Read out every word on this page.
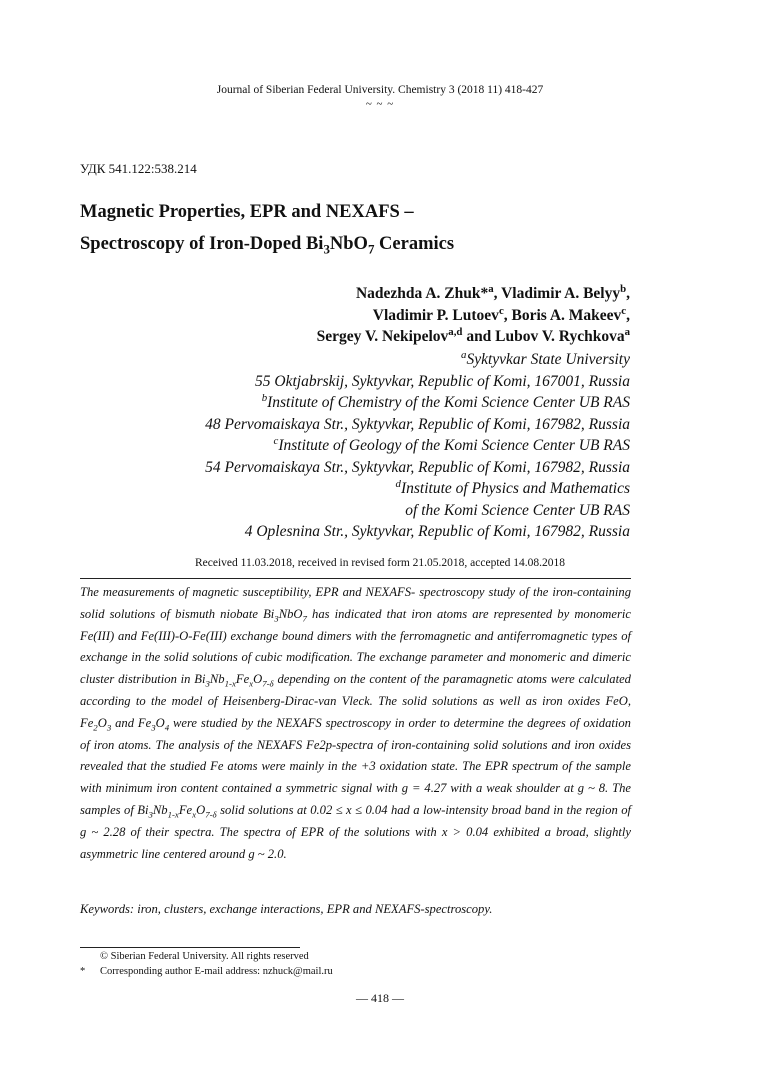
Journal of Siberian Federal University. Chemistry 3 (2018 11) 418-427
~ ~ ~
УДК 541.122:538.214
Magnetic Properties, EPR and NEXAFS –
Spectroscopy of Iron-Doped $Bi_3NbO_7$ Ceramics
Nadezhda A. Zhuk*$^a$, Vladimir A. Belyy$^b$,
Vladimir P. Lutoev$^c$, Boris A. Makeev$^c$,
Sergey V. Nekipelov$^{a,d}$ and Lubov V. Rychkova$^a$
$^a$Syktyvkar State University
55 Oktjabrskij, Syktyvkar, Republic of Komi, 167001, Russia
$^b$Institute of Chemistry of the Komi Science Center UB RAS
48 Pervomaiskaya Str., Syktyvkar, Republic of Komi, 167982, Russia
$^c$Institute of Geology of the Komi Science Center UB RAS
54 Pervomaiskaya Str., Syktyvkar, Republic of Komi, 167982, Russia
$^d$Institute of Physics and Mathematics
of the Komi Science Center UB RAS
4 Oplesnina Str., Syktyvkar, Republic of Komi, 167982, Russia
Received 11.03.2018, received in revised form 21.05.2018, accepted 14.08.2018
The measurements of magnetic susceptibility, EPR and NEXAFS- spectroscopy study of the iron-containing solid solutions of bismuth niobate $Bi_3NbO_7$ has indicated that iron atoms are represented by monomeric Fe(III) and Fe(III)-O-Fe(III) exchange bound dimers with the ferromagnetic and antiferromagnetic types of exchange in the solid solutions of cubic modification. The exchange parameter and monomeric and dimeric cluster distribution in $Bi_3Nb_{1-x}Fe_xO_{7-\delta}$ depending on the content of the paramagnetic atoms were calculated according to the model of Heisenberg-Dirac-van Vleck. The solid solutions as well as iron oxides FeO, $Fe_2O_3$ and $Fe_3O_4$ were studied by the NEXAFS spectroscopy in order to determine the degrees of oxidation of iron atoms. The analysis of the NEXAFS Fe2p-spectra of iron-containing solid solutions and iron oxides revealed that the studied Fe atoms were mainly in the +3 oxidation state. The EPR spectrum of the sample with minimum iron content contained a symmetric signal with g = 4.27 with a weak shoulder at g ~ 8. The samples of $Bi_3Nb_{1-x}Fe_xO_{7-\delta}$ solid solutions at 0.02 ≤ x ≤ 0.04 had a low-intensity broad band in the region of g ~ 2.28 of their spectra. The spectra of EPR of the solutions with x > 0.04 exhibited a broad, slightly asymmetric line centered around g ~ 2.0.
Keywords: iron, clusters, exchange interactions, EPR and NEXAFS-spectroscopy.
© Siberian Federal University. All rights reserved
* Corresponding author E-mail address: nzhuck@mail.ru
— 418 —
